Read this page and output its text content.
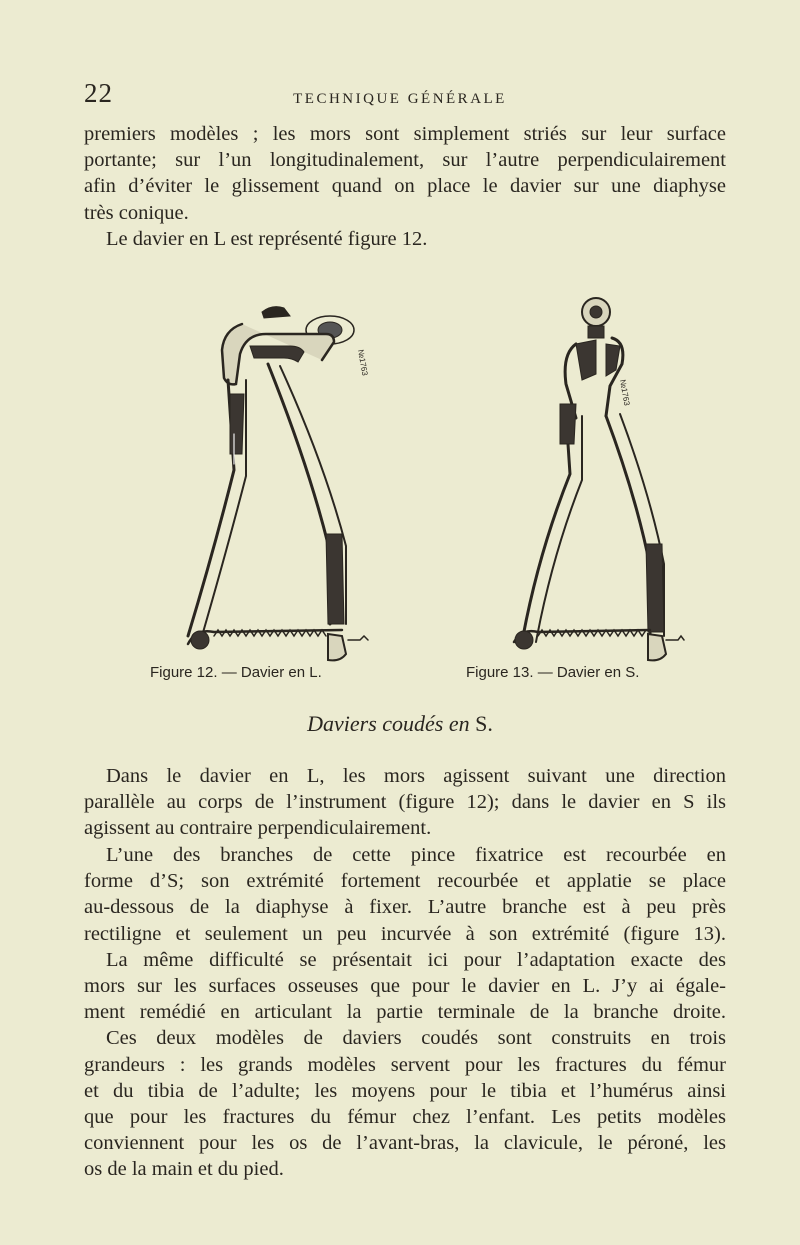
22	TECHNIQUE GÉNÉRALE

premiers modèles ; les mors sont simplement striés sur leur surface
portante; sur l’un longitudinalement, sur l’autre perpendiculairement
afin d’éviter le glissement quand on place le davier sur une diaphyse
très conique.

Le davier en L est représenté figure 12.

№1763
№1763
Figure 12. — Davier en L.	Figure 13. — Davier en S.
Daviers coudés en S.

Dans le davier en L, les mors agissent suivant une direction
parallèle au corps de l’instrument (figure 12); dans le davier en S ils
agissent au contraire perpendiculairement.

L’une des branches de cette pince fixatrice est recourbée en
forme d’S; son extrémité fortement recourbée et applatie se place
au-dessous de la diaphyse à fixer. L’autre branche est à peu près
rectiligne et seulement un peu incurvée à son extrémité (figure 13).
La même difficulté se présentait ici pour l’adaptation exacte des
mors sur les surfaces osseuses que pour le davier en L. J’y ai égale-
ment remédié en articulant la partie terminale de la branche droite.
Ces deux modèles de daviers coudés sont construits en trois
grandeurs : les grands modèles servent pour les fractures du fémur
et du tibia de l’adulte; les moyens pour le tibia et l’humérus ainsi
que pour les fractures du fémur chez l’enfant. Les petits modèles
conviennent pour les os de l’avant-bras, la clavicule, le péroné, les
os de la main et du pied.
